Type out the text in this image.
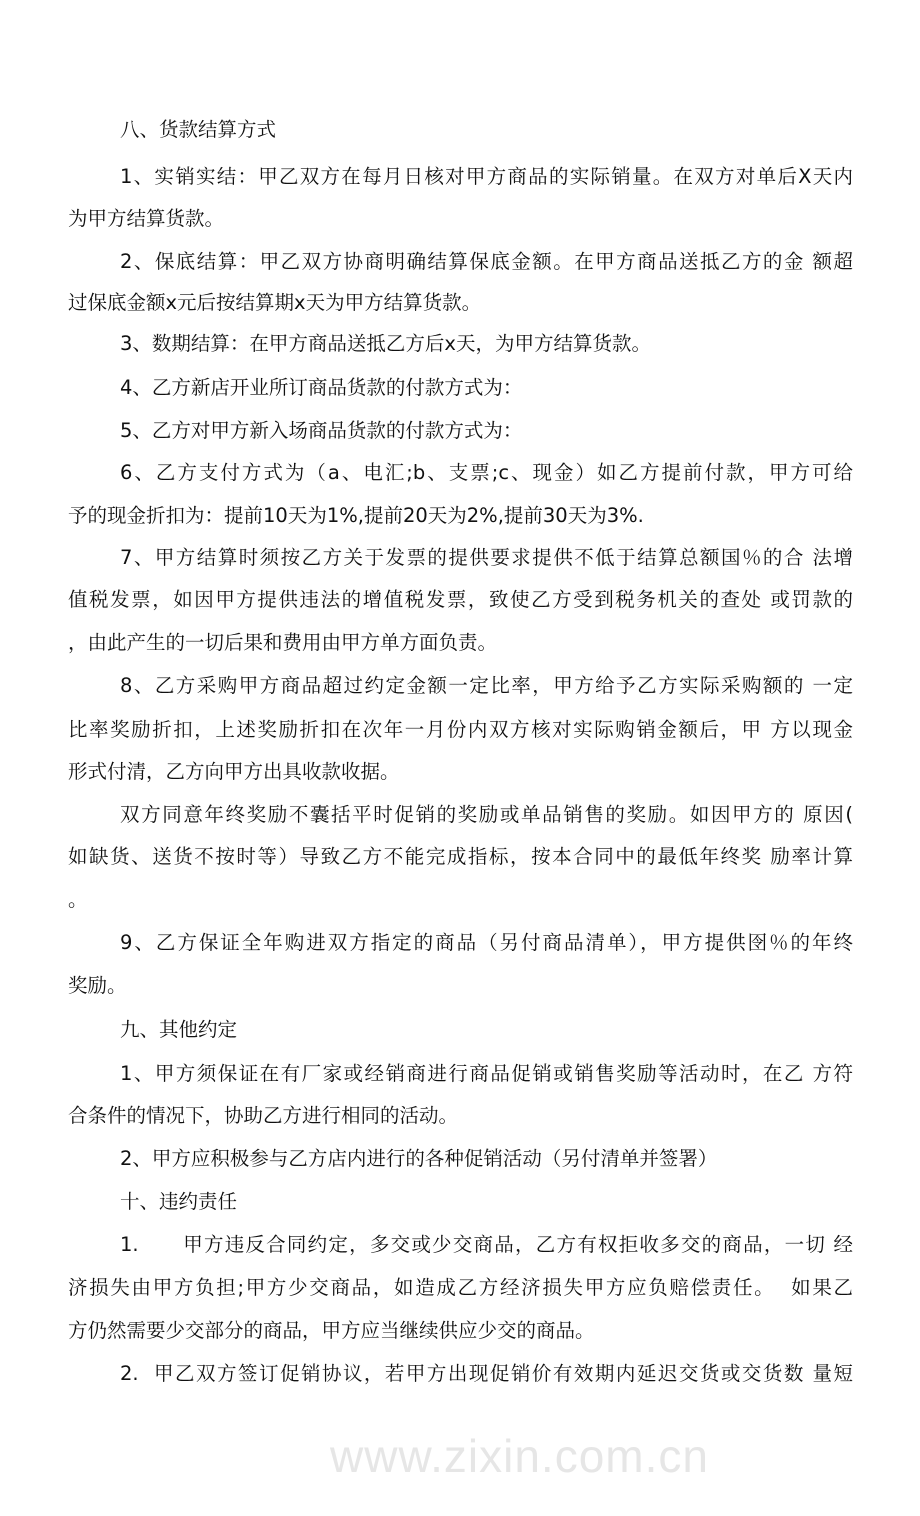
八、货款结算方式
1、实销实结：甲乙双方在每月日核对甲方商品的实际销量。在双方对单后X天内
为甲方结算货款。
2、保底结算：甲乙双方协商明确结算保底金额。在甲方商品送抵乙方的金 额超
过保底金额x元后按结算期x天为甲方结算货款。
3、数期结算：在甲方商品送抵乙方后x天，为甲方结算货款。
4、乙方新店开业所订商品货款的付款方式为：
5、乙方对甲方新入场商品货款的付款方式为：
6、乙方支付方式为（a、电汇;b、支票;c、现金）如乙方提前付款，甲方可给
予的现金折扣为：提前10天为1%,提前20天为2%,提前30天为3%.
7、甲方结算时须按乙方关于发票的提供要求提供不低于结算总额国％的合 法增
值税发票，如因甲方提供违法的增值税发票，致使乙方受到税务机关的查处 或罚款的
，由此产生的一切后果和费用由甲方单方面负责。
8、乙方采购甲方商品超过约定金额一定比率，甲方给予乙方实际采购额的 一定
比率奖励折扣，上述奖励折扣在次年一月份内双方核对实际购销金额后，甲 方以现金
形式付清，乙方向甲方出具收款收据。
双方同意年终奖励不囊括平时促销的奖励或单品销售的奖励。如因甲方的 原因(
如缺货、送货不按时等）导致乙方不能完成指标，按本合同中的最低年终奖 励率计算
。
9、乙方保证全年购进双方指定的商品（另付商品清单），甲方提供囹％的年终
奖励。
九、其他约定
1、甲方须保证在有厂家或经销商进行商品促销或销售奖励等活动时，在乙 方符
合条件的情况下，协助乙方进行相同的活动。
2、甲方应积极参与乙方店内进行的各种促销活动（另付清单并签署）
十、违约责任
1.      甲方违反合同约定，多交或少交商品，乙方有权拒收多交的商品，一切 经
济损失由甲方负担;甲方少交商品，如造成乙方经济损失甲方应负赔偿责任。  如果乙
方仍然需要少交部分的商品，甲方应当继续供应少交的商品。
2.  甲乙双方签订促销协议，若甲方出现促销价有效期内延迟交货或交货数 量短
www.zixin.com.cn
